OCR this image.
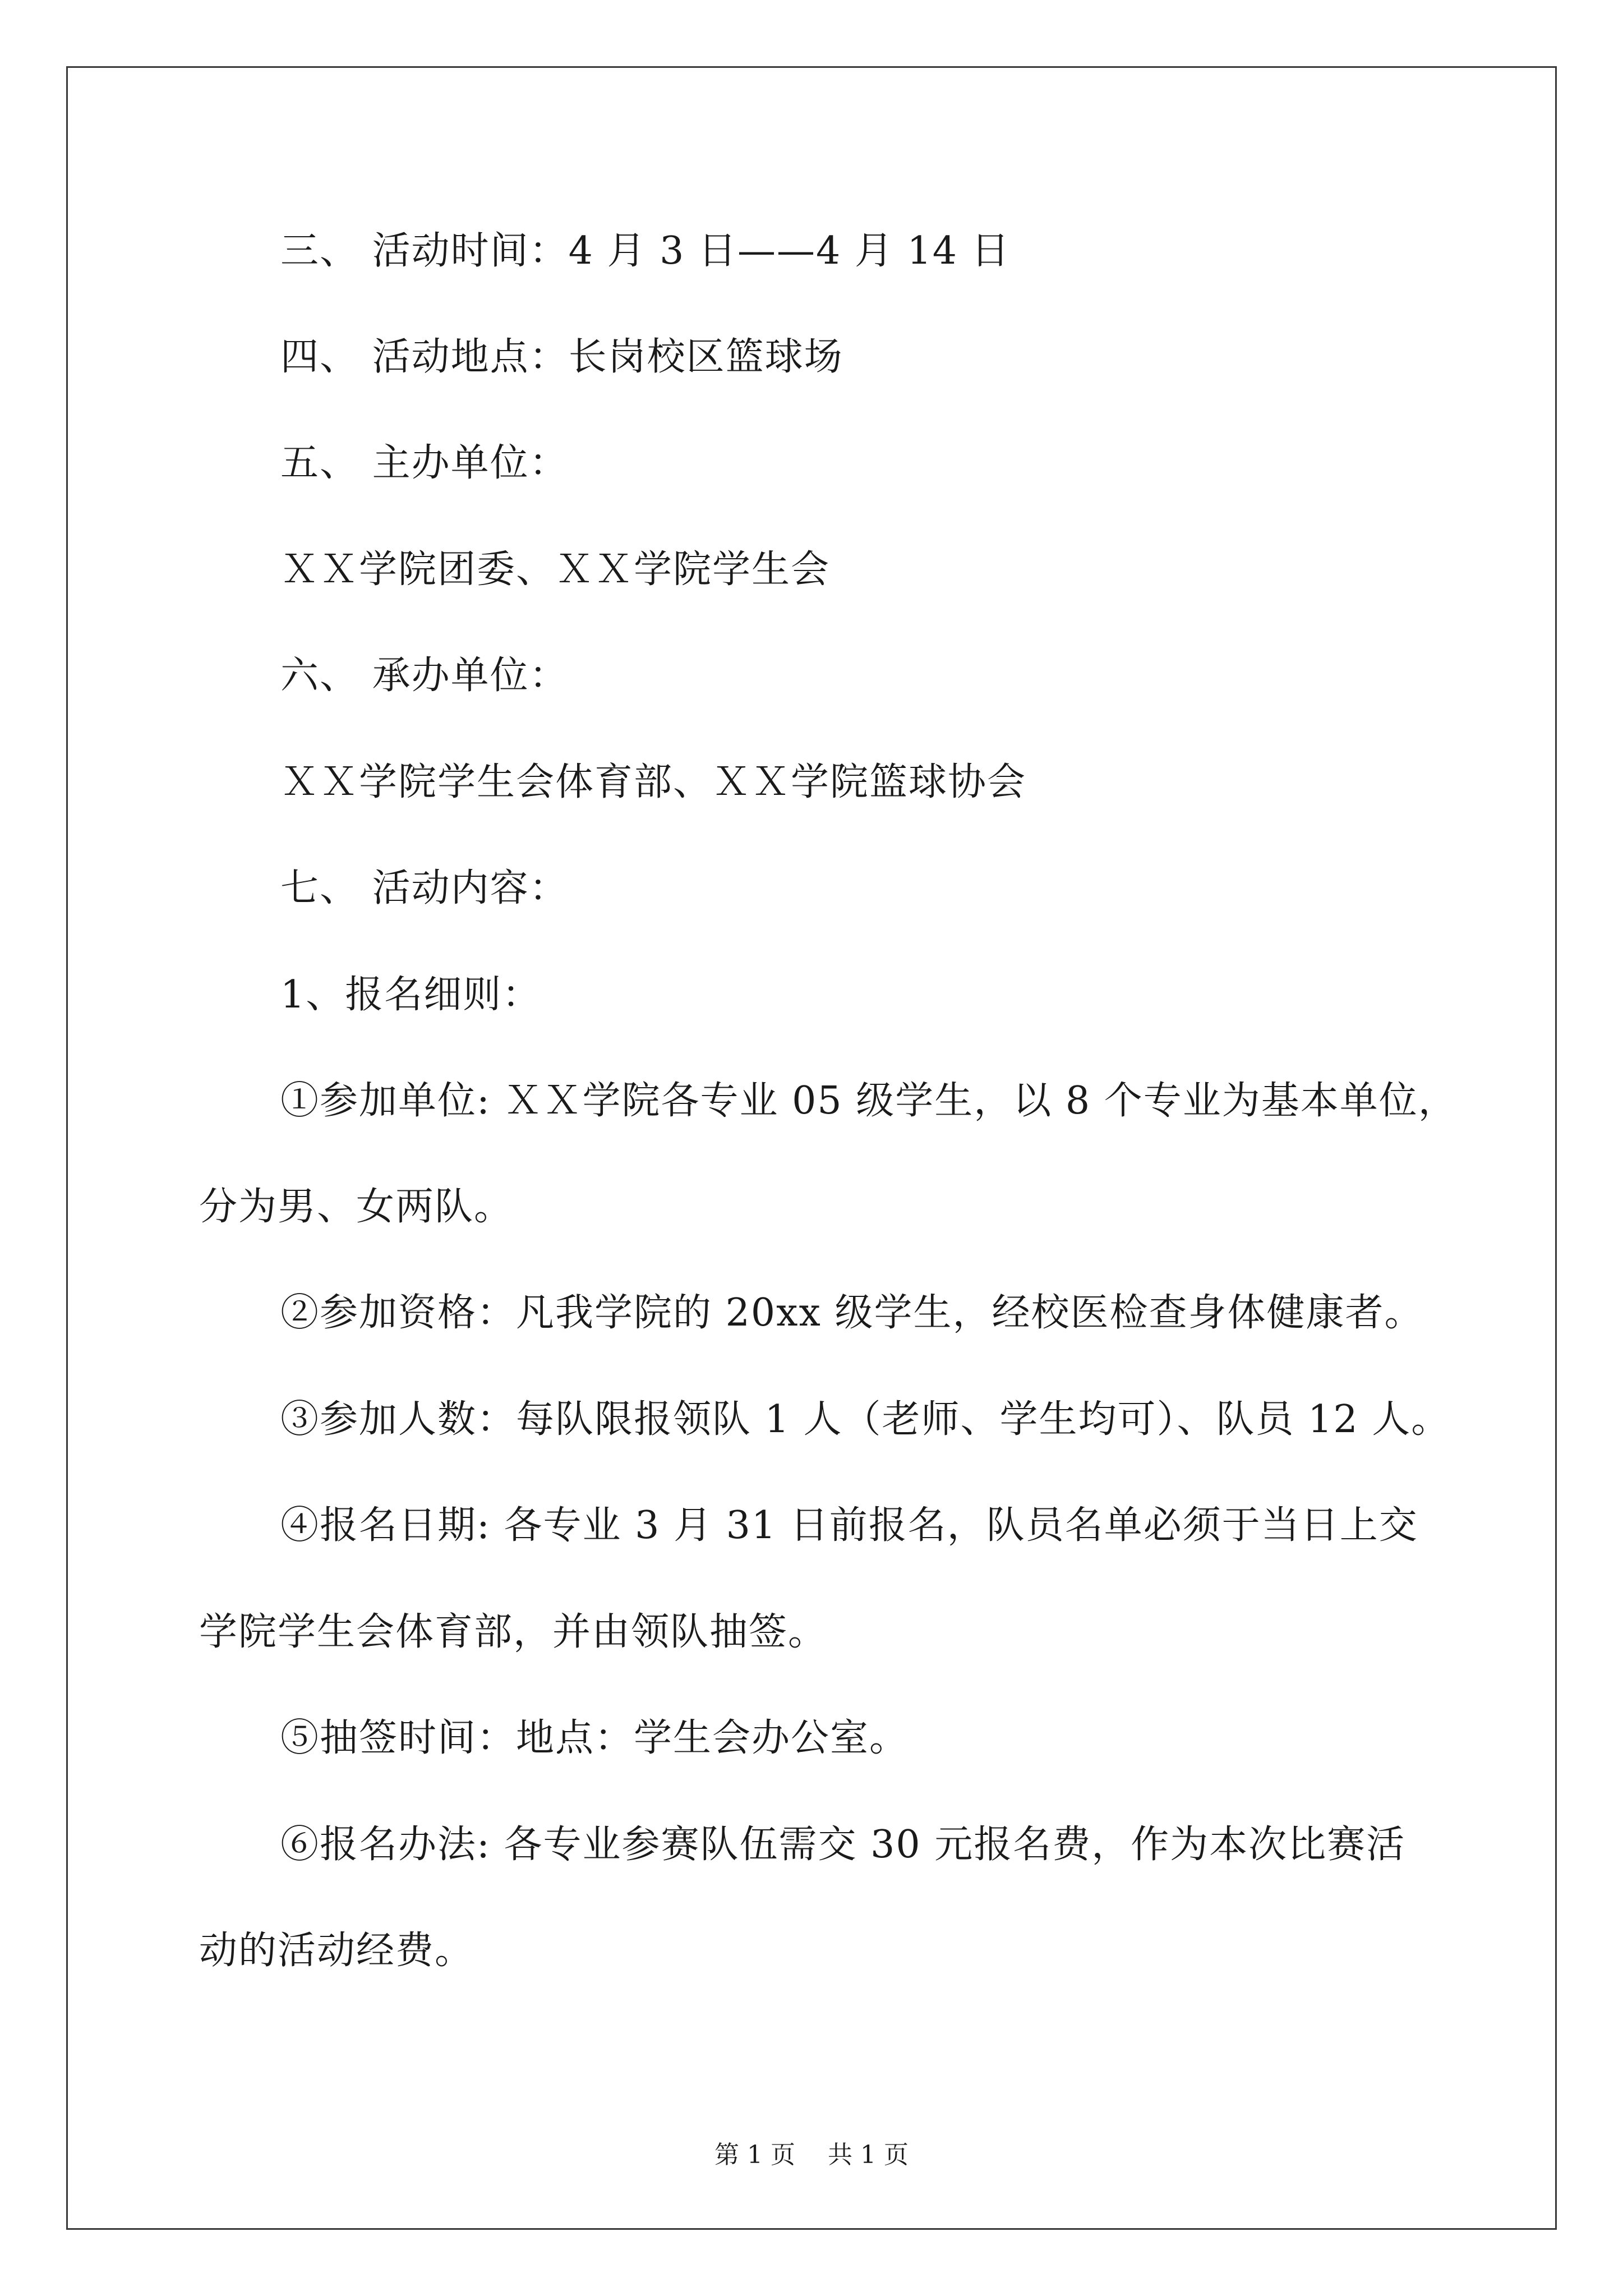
三、 活动时间：4 月 3 日——4 月 14 日
四、 活动地点：长岗校区篮球场
五、 主办单位：
ＸＸ学院团委、ＸＸ学院学生会
六、 承办单位：
ＸＸ学院学生会体育部、ＸＸ学院篮球协会
七、 活动内容：
1、报名细则：
①参加单位: ＸＸ学院各专业 05 级学生，以 8 个专业为基本单位，
分为男、女两队。
②参加资格：凡我学院的 20xx 级学生，经校医检查身体健康者。
③参加人数：每队限报领队 1 人（老师、学生均可）、队员 12 人。
④报名日期: 各专业 3 月 31 日前报名，队员名单必须于当日上交
学院学生会体育部，并由领队抽签。
⑤抽签时间：地点：学生会办公室。
⑥报名办法: 各专业参赛队伍需交 30 元报名费，作为本次比赛活
动的活动经费。
第 1 页　 共 1 页
